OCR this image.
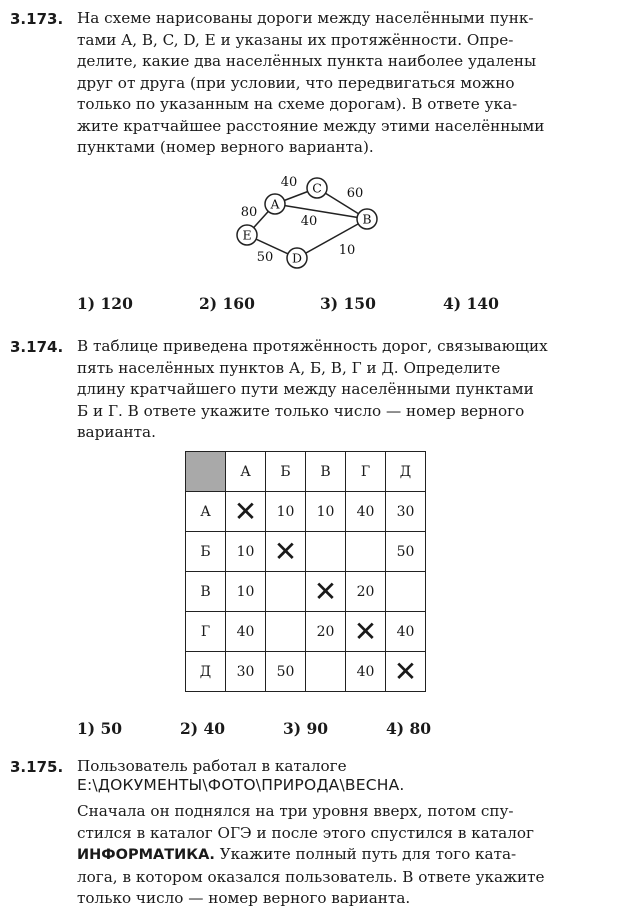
3.173. На схеме нарисованы дороги между населёнными пунк-
тами A, B, C, D, E и указаны их протяжённости. Опре-
делите, какие два населённых пункта наиболее удалены
друг от друга (при условии, что передвигаться можно
только по указанным на схеме дорогам). В ответе ука-
жите кратчайшее расстояние между этими населёнными
пунктами (номер верного варианта).
A
C
B
E
D
40
60
40
80
50	10
1) 120	2) 160	3) 150	4) 140
3.174. В таблице приведена протяжённость дорог, связывающих
пять населённых пунктов А, Б, В, Г и Д. Определите
длину кратчайшего пути между населёнными пунктами
Б и Г. В ответе укажите только число — номер верного
варианта.
	А	Б	В	Г	Д
А	✕	10	10	40	30
Б	10	✕			50
В	10		✕	20	
Г	40		20	✕	40
Д	30	50		40	✕
1) 50	2) 40	3) 90	4) 80
3.175. Пользователь работал в каталоге
Е:\ДОКУМЕНТЫ\ФОТО\ПРИРОДА\ВЕСНА.
Сначала он поднялся на три уровня вверх, потом спу-
стился в каталог ОГЭ и после этого спустился в каталог
ИНФОРМАТИКА. Укажите полный путь для того ката-
лога, в котором оказался пользователь. В ответе укажите
только число — номер верного варианта.
